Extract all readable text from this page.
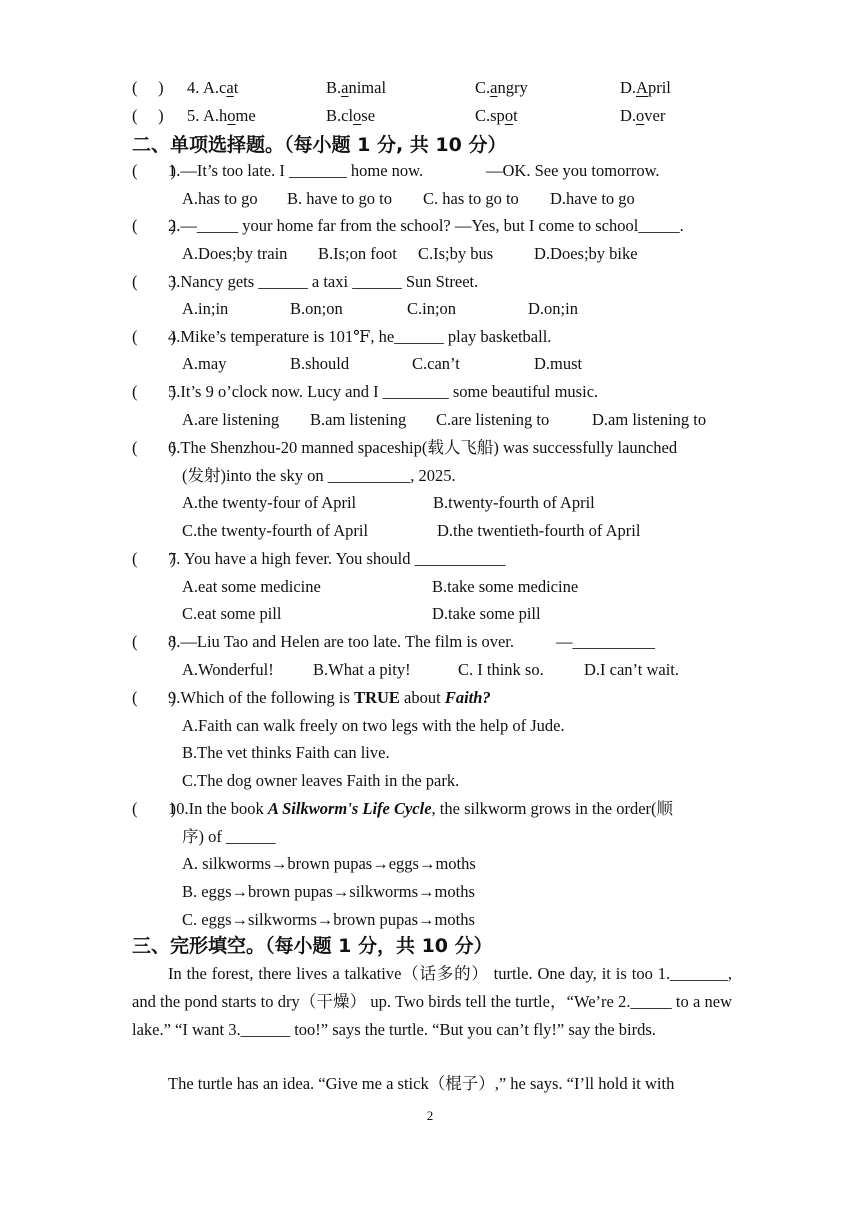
(　 ) 4. A.cat	B.animal	C.angry	D.April
(　 ) 5. A.home	B.close	C.spot	D.over
二、单项选择题。（每小题 1 分, 共 10 分）
(　　)
1.—It’s too late. I _______ home now.	—OK. See you tomorrow.
A.has to go B. have to go to C. has to go to D.have to go
(　　)
2.—_____ your home far from the school? —Yes, but I come to school_____.
A.Does;by train B.Is;on foot C.Is;by bus D.Does;by bike
(　　)
3.Nancy gets ______ a taxi ______ Sun Street.
A.in;in	B.on;on	C.in;on	D.on;in
(　　)
4.Mike’s temperature is 101℉, he______ play basketball.
A.may	B.should	C.can’t	D.must
(　　)
5.It’s 9 o’clock now. Lucy and I ________ some beautiful music.
A.are listening B.am listening C.are listening to	D.am listening to
(　　)
6.The Shenzhou-20 manned spaceship(载人飞船) was successfully launched
(发射)into the sky on __________, 2025.
A.the twenty-four of April	B.twenty-fourth of April
C.the twenty-fourth of April	D.the twentieth-fourth of April
(　　)
7. You have a high fever. You should ___________
A.eat some medicine	B.take some medicine
C.eat some pill	D.take some pill
(　　)
8.—Liu Tao and Helen are too late. The film is over.	—__________
A.Wonderful! B.What a pity!	C. I think so. D.I can’t wait.
(　　)
9.Which of the following is TRUE about Faith?
A.Faith can walk freely on two legs with the help of Jude.
B.The vet thinks Faith can live.
C.The dog owner leaves Faith in the park.
(　　)
10.In the book A Silkworm's Life Cycle, the silkworm grows in the order(顺
序) of ______
A. silkworms→brown pupas→eggs→moths
B. eggs→brown pupas→silkworms→moths
C. eggs→silkworms→brown pupas→moths
三、完形填空。（每小题 1 分，共 10 分）
In the forest, there lives a talkative（话多的） turtle. One day, it is too 1._______, and the pond starts to dry（干燥） up. Two birds tell the turtle，“We’re 2._____ to a new lake.” “I want 3.______ too!” says the turtle. “But you can’t fly!” say the birds.
The turtle has an idea. “Give me a stick（棍子）,” he says. “I’ll hold it with
2
